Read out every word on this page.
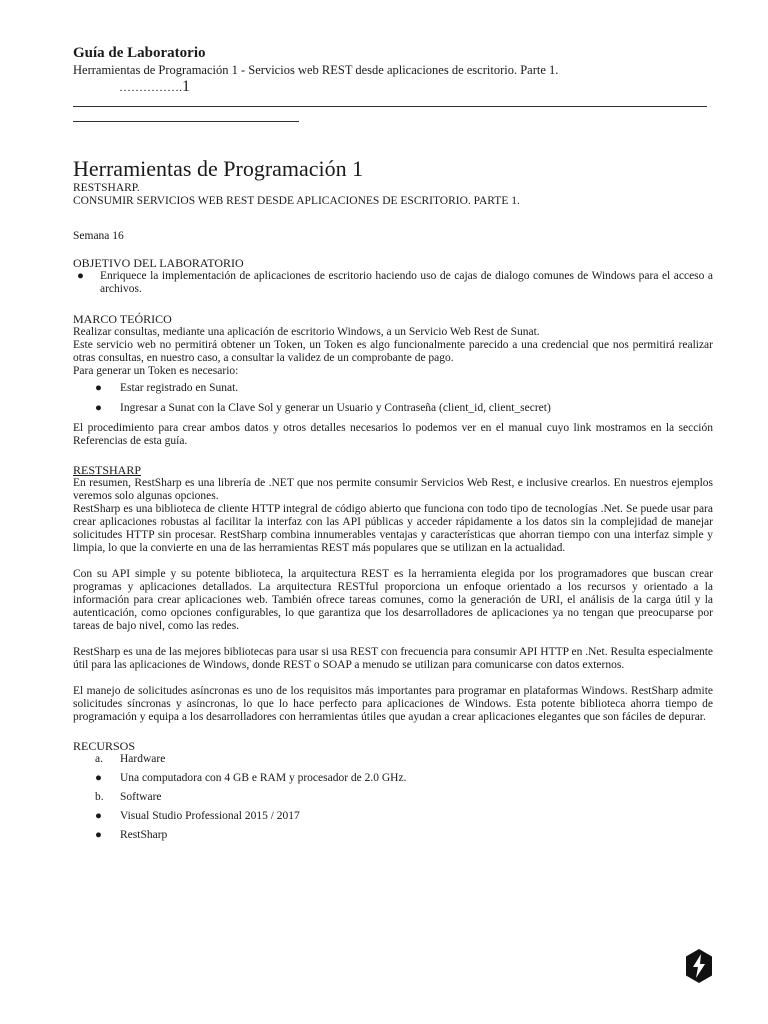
Guía de Laboratorio
Herramientas de Programación 1 - Servicios web REST desde aplicaciones de escritorio. Parte 1.
…………….1
Herramientas de Programación 1
RESTSHARP.
CONSUMIR SERVICIOS WEB REST DESDE APLICACIONES DE ESCRITORIO. PARTE 1.
Semana 16
OBJETIVO DEL LABORATORIO
● Enriquece la implementación de aplicaciones de escritorio haciendo uso de cajas de dialogo comunes de Windows para el acceso a archivos.
MARCO TEÓRICO
Realizar consultas, mediante una aplicación de escritorio Windows, a un Servicio Web Rest de Sunat.
Este servicio web no permitirá obtener un Token, un Token es algo funcionalmente parecido a una credencial que nos permitirá realizar otras consultas, en nuestro caso, a consultar la validez de un comprobante de pago.
Para generar un Token es necesario:
● Estar registrado en Sunat.
● Ingresar a Sunat con la Clave Sol y generar un Usuario y Contraseña (client_id, client_secret)
El procedimiento para crear ambos datos y otros detalles necesarios lo podemos ver en el manual cuyo link mostramos en la sección Referencias de esta guía.
RESTSHARP
En resumen, RestSharp es una librería de .NET que nos permite consumir Servicios Web Rest, e inclusive crearlos. En nuestros ejemplos veremos solo algunas opciones.
RestSharp es una biblioteca de cliente HTTP integral de código abierto que funciona con todo tipo de tecnologías .Net. Se puede usar para crear aplicaciones robustas al facilitar la interfaz con las API públicas y acceder rápidamente a los datos sin la complejidad de manejar solicitudes HTTP sin procesar. RestSharp combina innumerables ventajas y características que ahorran tiempo con una interfaz simple y limpia, lo que la convierte en una de las herramientas REST más populares que se utilizan en la actualidad.
Con su API simple y su potente biblioteca, la arquitectura REST es la herramienta elegida por los programadores que buscan crear programas y aplicaciones detallados. La arquitectura RESTful proporciona un enfoque orientado a los recursos y orientado a la información para crear aplicaciones web. También ofrece tareas comunes, como la generación de URI, el análisis de la carga útil y la autenticación, como opciones configurables, lo que garantiza que los desarrolladores de aplicaciones ya no tengan que preocuparse por tareas de bajo nivel, como las redes.
RestSharp es una de las mejores bibliotecas para usar si usa REST con frecuencia para consumir API HTTP en .Net. Resulta especialmente útil para las aplicaciones de Windows, donde REST o SOAP a menudo se utilizan para comunicarse con datos externos.
El manejo de solicitudes asíncronas es uno de los requisitos más importantes para programar en plataformas Windows. RestSharp admite solicitudes síncronas y asíncronas, lo que lo hace perfecto para aplicaciones de Windows. Esta potente biblioteca ahorra tiempo de programación y equipa a los desarrolladores con herramientas útiles que ayudan a crear aplicaciones elegantes que son fáciles de depurar.
RECURSOS
a. Hardware
● Una computadora con 4 GB e RAM y procesador de 2.0 GHz.
b. Software
● Visual Studio Professional 2015 / 2017
● RestSharp
